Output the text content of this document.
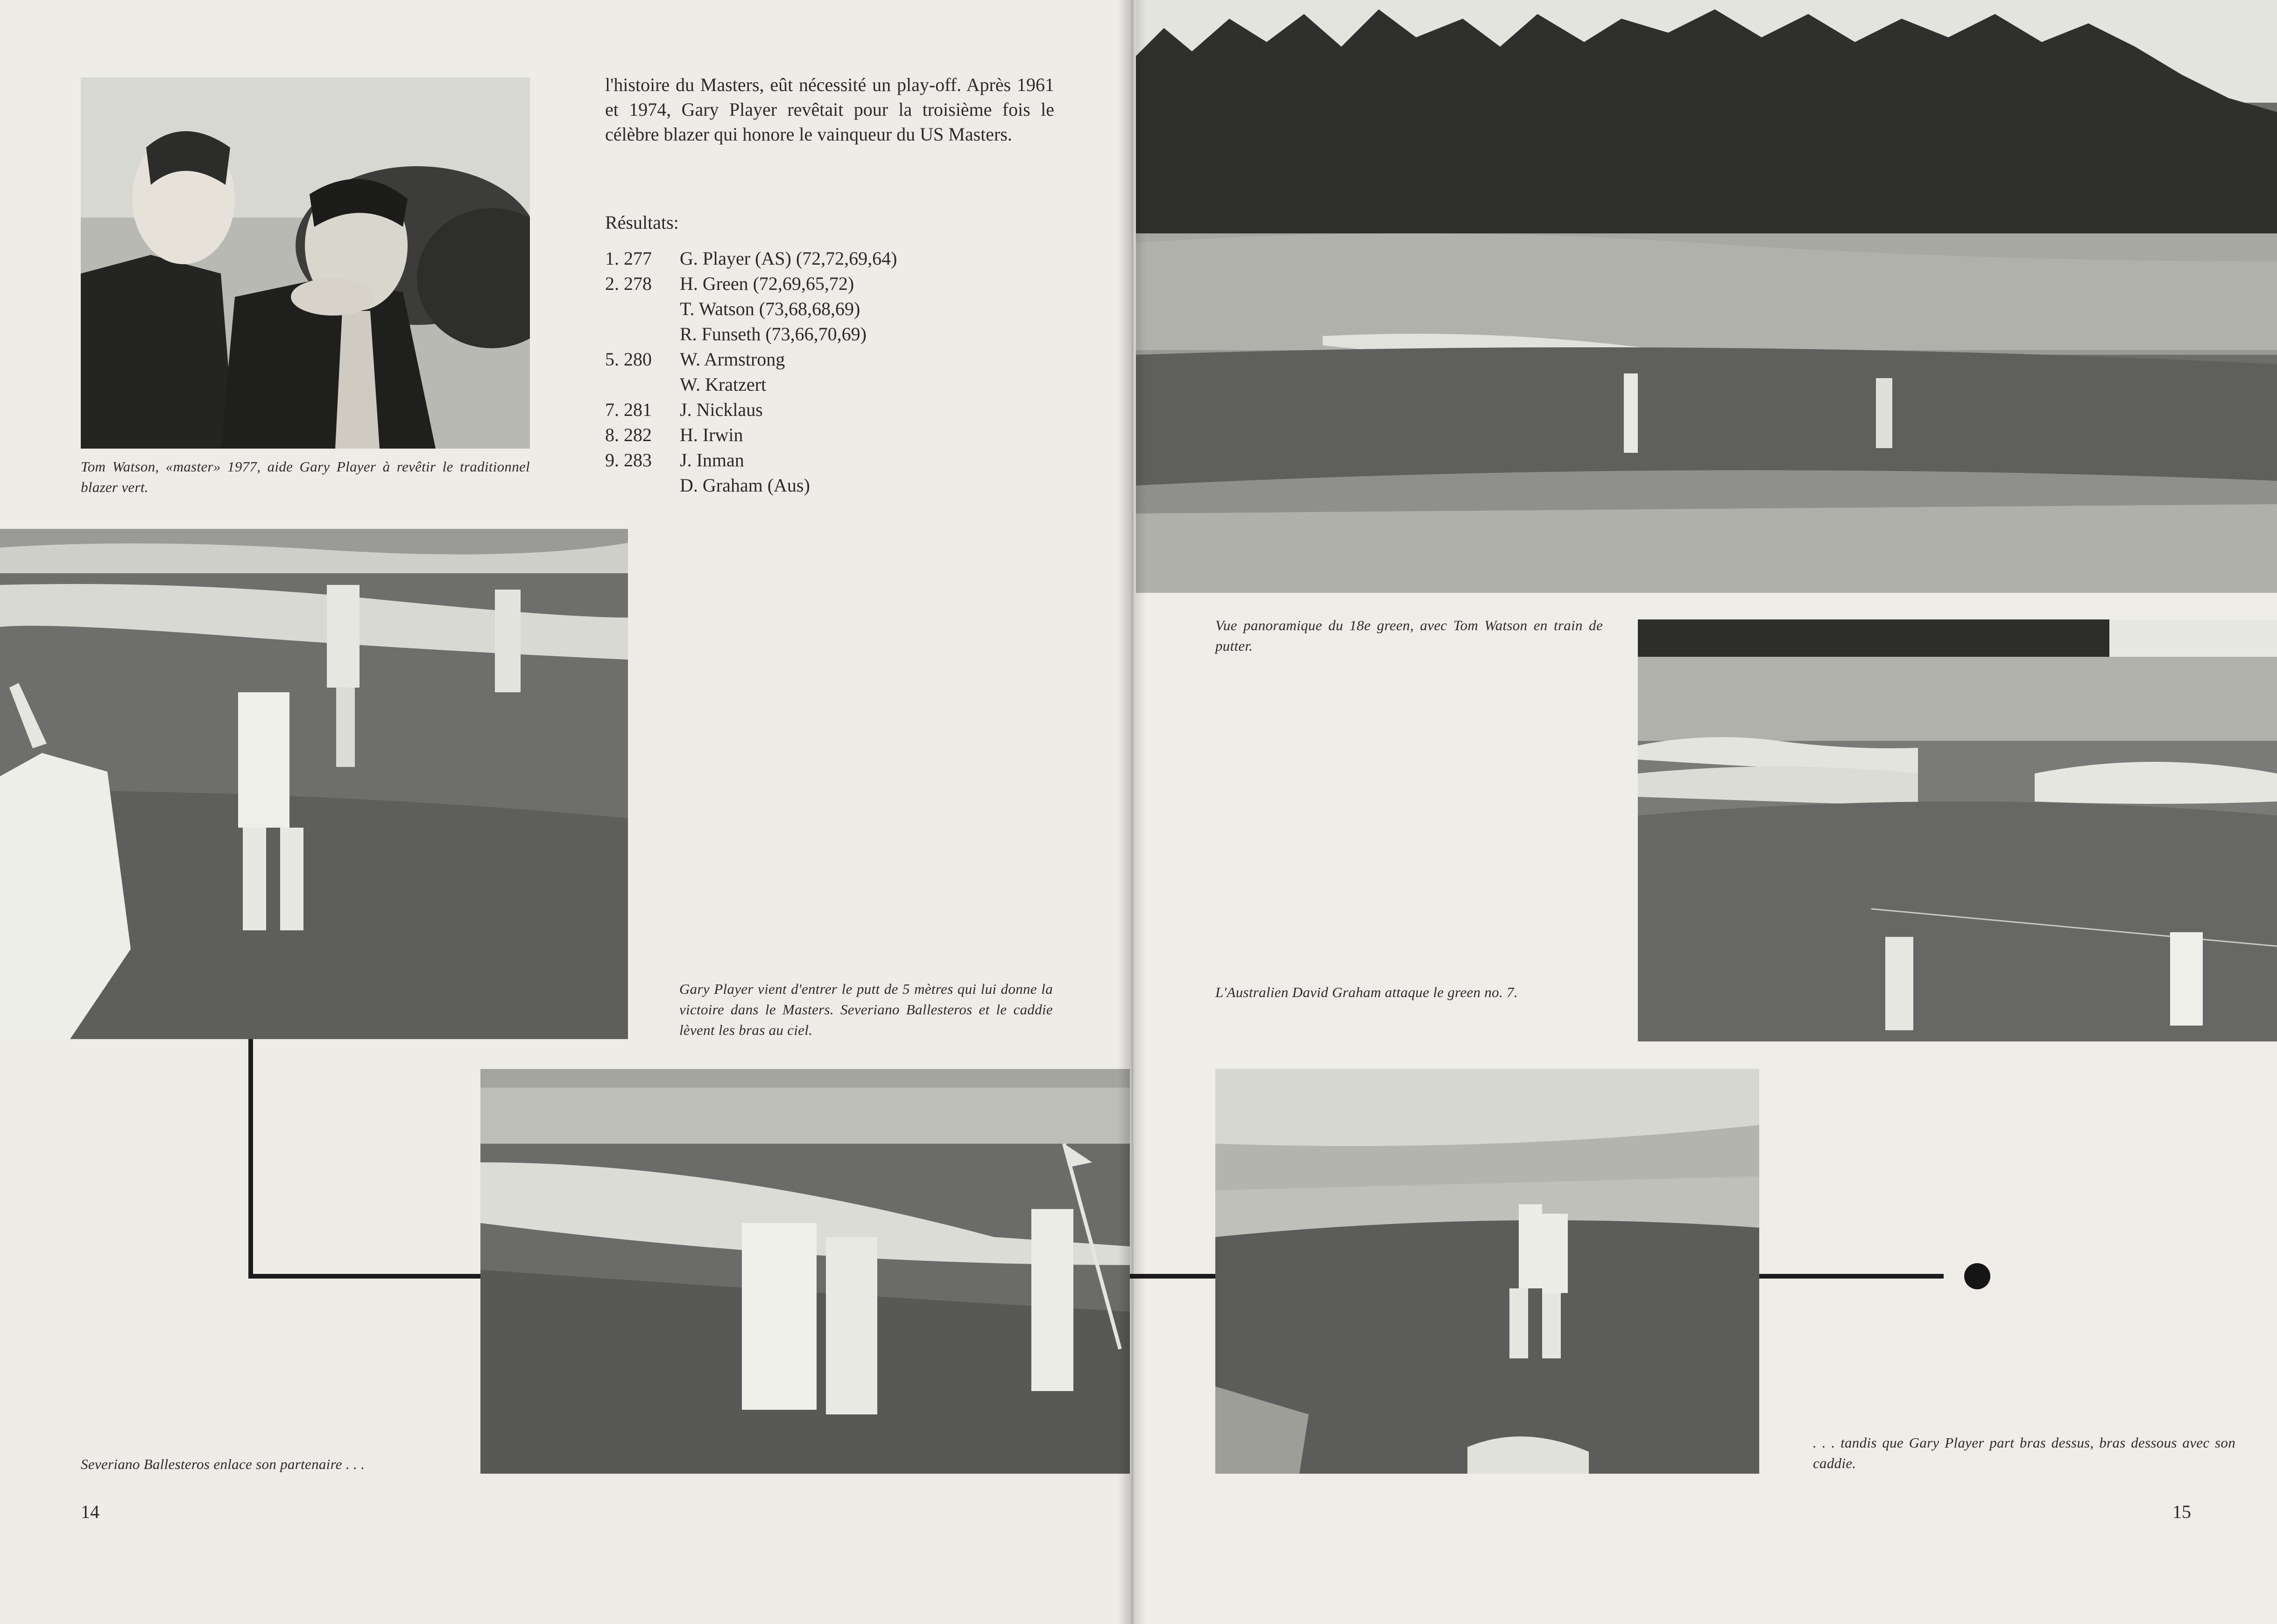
Tom Watson, «master» 1977, aide Gary Player à revêtir le traditionnel blazer vert.
l'histoire du Masters, eût nécessité un play-off. Après 1961 et 1974, Gary Player revêtait pour la troisième fois le célèbre blazer qui honore le vainqueur du US Masters.
Résultats:
1. 277	G. Player (AS) (72,72,69,64)
2. 278	H. Green (72,69,65,72)
T. Watson (73,68,68,69)
R. Funseth (73,66,70,69)
5. 280	W. Armstrong
W. Kratzert
7. 281	J. Nicklaus
8. 282	H. Irwin
9. 283	J. Inman
D. Graham (Aus)
Gary Player vient d'entrer le putt de 5 mètres qui lui donne la victoire dans le Masters. Severiano Ballesteros et le caddie lèvent les bras au ciel.
Severiano Ballesteros enlace son partenaire . . .
14
Vue panoramique du 18e green, avec Tom Watson en train de putter.
L'Australien David Graham attaque le green no. 7.
. . . tandis que Gary Player part bras dessus, bras dessous avec son caddie.
15
